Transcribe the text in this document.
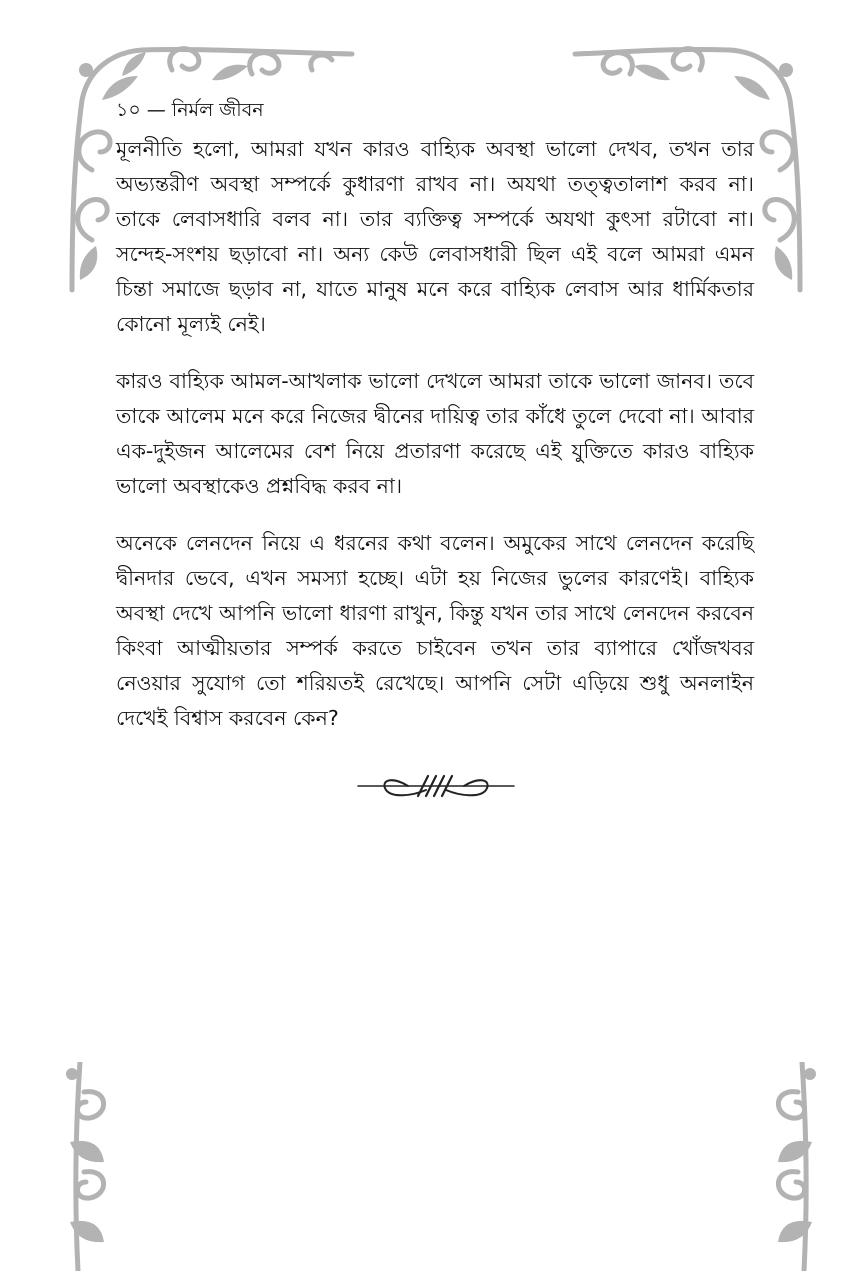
১০ — নির্মল জীবন

মূলনীতি হলো, আমরা যখন কারও বাহ্যিক অবস্থা ভালো দেখব, তখন তার অভ্যন্তরীণ অবস্থা সম্পর্কে কুধারণা রাখব না। অযথা তত্ত্বতালাশ করব না। তাকে লেবাসধারি বলব না। তার ব্যক্তিত্ব সম্পর্কে অযথা কুৎসা রটাবো না। সন্দেহ-সংশয় ছড়াবো না। অন্য কেউ লেবাসধারী ছিল এই বলে আমরা এমন চিন্তা সমাজে ছড়াব না, যাতে মানুষ মনে করে বাহ্যিক লেবাস আর ধার্মিকতার কোনো মূল্যই নেই।

কারও বাহ্যিক আমল-আখলাক ভালো দেখলে আমরা তাকে ভালো জানব। তবে তাকে আলেম মনে করে নিজের দ্বীনের দায়িত্ব তার কাঁধে তুলে দেবো না। আবার এক-দুইজন আলেমের বেশ নিয়ে প্রতারণা করেছে এই যুক্তিতে কারও বাহ্যিক ভালো অবস্থাকেও প্রশ্নবিদ্ধ করব না।

অনেকে লেনদেন নিয়ে এ ধরনের কথা বলেন। অমুকের সাথে লেনদেন করেছি দ্বীনদার ভেবে, এখন সমস্যা হচ্ছে। এটা হয় নিজের ভুলের কারণেই। বাহ্যিক অবস্থা দেখে আপনি ভালো ধারণা রাখুন, কিন্তু যখন তার সাথে লেনদেন করবেন কিংবা আত্মীয়তার সম্পর্ক করতে চাইবেন তখন তার ব্যাপারে খোঁজখবর নেওয়ার সুযোগ তো শরিয়তই রেখেছে। আপনি সেটা এড়িয়ে শুধু অনলাইন দেখেই বিশ্বাস করবেন কেন?
